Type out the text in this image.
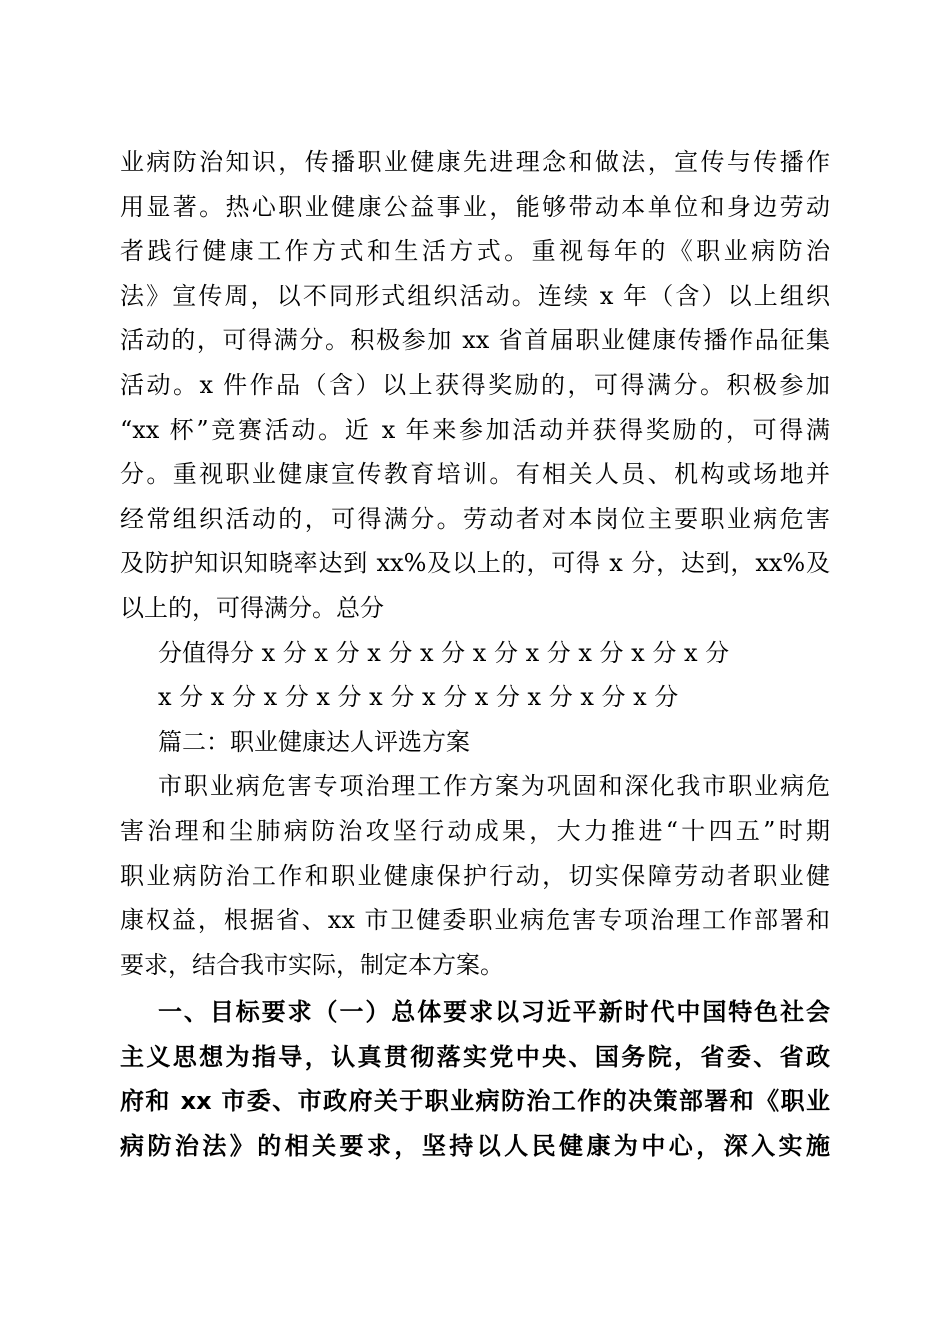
业病防治知识，传播职业健康先进理念和做法，宣传与传播作
用显著。热心职业健康公益事业，能够带动本单位和身边劳动
者践行健康工作方式和生活方式。重视每年的《职业病防治
法》宣传周，以不同形式组织活动。连续 x 年（含）以上组织
活动的，可得满分。积极参加 xx 省首届职业健康传播作品征集
活动。x 件作品（含）以上获得奖励的，可得满分。积极参加
“xx 杯”竞赛活动。近 x 年来参加活动并获得奖励的，可得满
分。重视职业健康宣传教育培训。有相关人员、机构或场地并
经常组织活动的，可得满分。劳动者对本岗位主要职业病危害
及防护知识知晓率达到 xx%及以上的，可得 x 分，达到，xx%及
以上的，可得满分。总分
分值得分 x 分 x 分 x 分 x 分 x 分 x 分 x 分 x 分 x 分
x 分 x 分 x 分 x 分 x 分 x 分 x 分 x 分 x 分 x 分
篇二：职业健康达人评选方案
市职业病危害专项治理工作方案为巩固和深化我市职业病危
害治理和尘肺病防治攻坚行动成果，大力推进“十四五”时期
职业病防治工作和职业健康保护行动，切实保障劳动者职业健
康权益，根据省、xx 市卫健委职业病危害专项治理工作部署和
要求，结合我市实际，制定本方案。
一、目标要求（一）总体要求以习近平新时代中国特色社会
主义思想为指导，认真贯彻落实党中央、国务院，省委、省政
府和 xx 市委、市政府关于职业病防治工作的决策部署和《职业
病防治法》的相关要求，坚持以人民健康为中心，深入实施
